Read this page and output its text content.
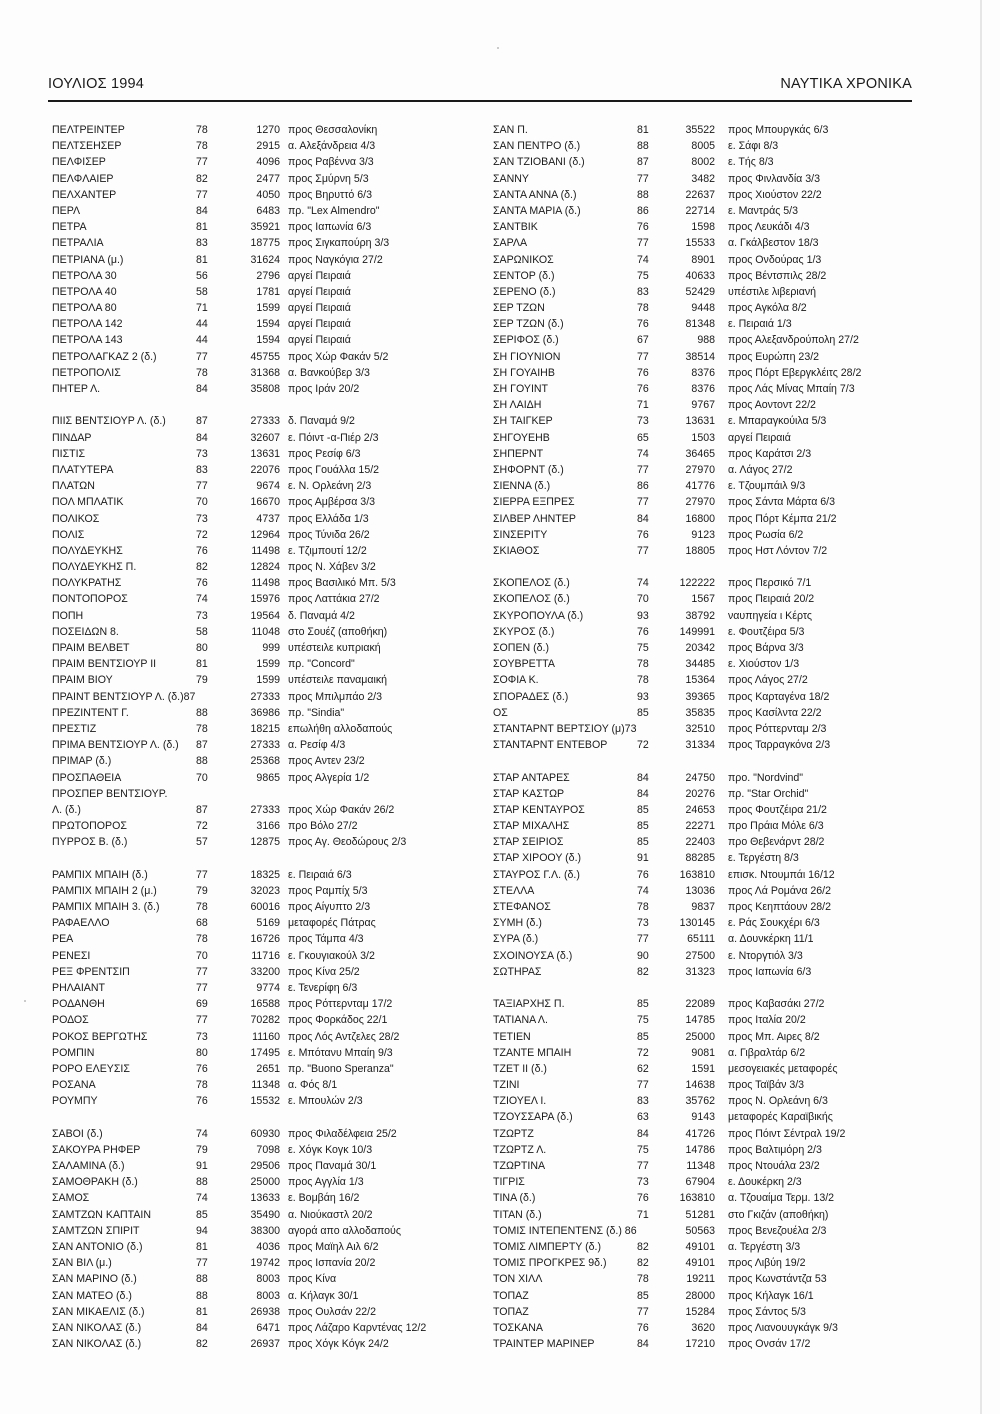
ΙΟΥΛΙΟΣ 1994	ΝΑΥΤΙΚΑ ΧΡΟΝΙΚΑ
ΠΕΛΤΡΕΙΝΤΕΡ	78	1270 προς Θεσσαλονίκη
ΠΕΛΤΣΕΗΣΕΡ	78	2915 α. Αλεξάνδρεια 4/3
ΠΕΛΦΙΣΕΡ	77	4096 προς Ραβέννα 3/3
ΠΕΛΦΛΑΙΕΡ	82	2477 προς Σμύρνη 5/3
ΠΕΛΧΑΝΤΕΡ	77	4050 προς Βηρυττό 6/3
ΠΕΡΛ	84	6483 πρ. "Lex Almendro"
ΠΕΤΡΑ	81	35921 προς Ιαπωνία 6/3
ΠΕΤΡΑΛΙΑ	83	18775 προς Σιγκαπούρη 3/3
ΠΕΤΡΙΑΝΑ (μ.)	81	31624 προς Ναγκόγια 27/2
ΠΕΤΡΟΛΑ 30	56	2796 αργεί Πειραιά
ΠΕΤΡΟΛΑ 40	58	1781 αργεί Πειραιά
ΠΕΤΡΟΛΑ 80	71	1599 αργεί Πειραιά
ΠΕΤΡΟΛΑ 142	44	1594 αργεί Πειραιά
ΠΕΤΡΟΛΑ 143	44	1594 αργεί Πειραιά
ΠΕΤΡΟΛΑΓΚΑΖ 2 (δ.)	77	45755 προς Χώρ Φακάν 5/2
ΠΕΤΡΟΠΟΛΙΣ	78	31368 α. Βανκούβερ 3/3
ΠΗΤΕΡ Λ.	84	35808 προς Ιράν 20/2
ΠΙΙΣ ΒΕΝΤΣΙΟΥΡ Λ. (δ.)	87	27333 δ. Παναμά 9/2
ΠΙΝΔΑΡ	84	32607 ε. Πόιντ -α-Πιέρ 2/3
ΠΙΣΤΙΣ	73	13631 προς Ρεσίφ 6/3
ΠΛΑΤΥΤΕΡΑ	83	22076 προς Γουάλλα 15/2
ΠΛΑΤΩΝ	77	9674 ε. Ν. Ορλεάνη 2/3
ΠΟΛ ΜΠΛΑΤΙΚ	70	16670 προς Αμβέρσα 3/3
ΠΟΛΙΚΟΣ	73	4737 προς Ελλάδα 1/3
ΠΟΛΙΣ	72	12964 προς Τύνιδα 26/2
ΠΟΛΥΔΕΥΚΗΣ	76	11498 ε. Τζιμπουτί 12/2
ΠΟΛΥΔΕΥΚΗΣ Π.	82	12824 προς Ν. Χάβεν 3/2
ΠΟΛΥΚΡΑΤΗΣ	76	11498 προς Βασιλικό Μπ. 5/3
ΠΟΝΤΟΠΟΡΟΣ	74	15976 προς Λαττάκια 27/2
ΠΟΠΗ	73	19564 δ. Παναμά 4/2
ΠΟΣΕΙΔΩΝ 8.	58	11048 στο Σουέζ (αποθήκη)
ΠΡΑΙΜ ΒΕΛΒΕΤ	80	999 υπέστειλε κυπριακή
ΠΡΑΙΜ ΒΕΝΤΣΙΟΥΡ ΙΙ	81	1599 πρ. "Concord"
ΠΡΑΙΜ ΒΙΟΥ	79	1599 υπέστειλε παναμαική
ΠΡΑΙΝΤ ΒΕΝΤΣΙΟΥΡ Λ. (δ.)87	27333 προς Μπιλμπάο 2/3
ΠΡΕΖΙΝΤΕΝΤ Γ.	88	36986 πρ. "Sindia"
ΠΡΕΣΤΙΖ	78	18215 επωλήθη αλλοδαπούς
ΠΡΙΜΑ ΒΕΝΤΣΙΟΥΡ Λ. (δ.) 87	27333 α. Ρεσίφ 4/3
ΠΡΙΜΑΡ (δ.)	88	25368 προς Αντεν 23/2
ΠΡΟΣΠΑΘΕΙΑ	70	9865 προς Αλγερία 1/2
ΠΡΟΣΠΕΡ ΒΕΝΤΣΙΟΥΡ.
Λ. (δ.)	87	27333 προς Χώρ Φακάν 26/2
ΠΡΩΤΟΠΟΡΟΣ	72	3166 προ Βόλο 27/2
ΠΥΡΡΟΣ Β. (δ.)	57	12875 προς Αγ. Θεοδώρους 2/3
ΡΑΜΠΙΧ ΜΠΑΙΗ (δ.)	77	18325 ε. Πειραιά 6/3
ΡΑΜΠΙΧ ΜΠΑΙΗ 2 (μ.)	79	32023 προς Ραμπίχ 5/3
ΡΑΜΠΙΧ ΜΠΑΙΗ 3. (δ.)	78	60016 προς Αίγυπτο 2/3
ΡΑΦΑΕΛΛΟ	68	5169 μεταφορές Πάτρας
ΡΕΑ	78	16726 προς Τάμπα 4/3
ΡΕΝΕΣΙ	70	11716 ε. Γκουγιακούλ 3/2
ΡΕΞ ΦΡΕΝΤΣΙΠ	77	33200 προς Κίνα 25/2
ΡΗΛΑΙΑΝΤ	77	9774 ε. Τενερίφη 6/3
ΡΟΔΑΝΘΗ	69	16588 προς Ρόττερνταμ 17/2
ΡΟΔΟΣ	77	70282 προς Φορκάδος 22/1
ΡΟΚΟΣ ΒΕΡΓΩΤΗΣ	73	11160 προς Λός Αντζελες 28/2
ΡΟΜΠΙΝ	80	17495 ε. Μπότανυ Μπαίη 9/3
ΡΟΡΟ ΕΛΕΥΣΙΣ	76	2651 πρ. "Buono Speranza"
ΡΟΣΑΝΑ	78	11348 α. Φός 8/1
ΡΟΥΜΠΥ	76	15532 ε. Μπουλών 2/3
ΣΑΒΟΙ (δ.)	74	60930 προς Φιλαδέλφεια 25/2
ΣΑΚΟΥΡΑ ΡΗΦΕΡ	79	7098 ε. Χόγκ Κογκ 10/3
ΣΑΛΑΜΙΝΑ (δ.)	91	29506 προς Παναμά 30/1
ΣΑΜΟΘΡΑΚΗ (δ.)	88	25000 προς Αγγλία 1/3
ΣΑΜΟΣ	74	13633 ε. Βομβάη 16/2
ΣΑΜΤΖΩΝ ΚΑΠΤΑΙΝ	85	35490 α. Νιούκαστλ 20/2
ΣΑΜΤΖΩΝ ΣΠΙΡΙΤ	94	38300 αγορά απο αλλοδαπούς
ΣΑΝ ΑΝΤΟΝΙΟ (δ.)	81	4036 προς Μαϊηλ Αιλ 6/2
ΣΑΝ ΒΙΛ (μ.)	77	19742 προς Ισπανία 20/2
ΣΑΝ ΜΑΡΙΝΟ (δ.)	88	8003 προς Κίνα
ΣΑΝ ΜΑΤΕΟ (δ.)	88	8003 α. Κήλαγκ 30/1
ΣΑΝ ΜΙΚΑΕΛΙΣ (δ.)	81	26938 προς Ουλσάν 22/2
ΣΑΝ ΝΙΚΟΛΑΣ (δ.)	84	6471 προς Λάζαρο Καρντένας 12/2
ΣΑΝ ΝΙΚΟΛΑΣ (δ.)	82	26937 προς Χόγκ Κόγκ 24/2
ΣΑΝ Π.	81	35522 προς Μπουργκάς 6/3
ΣΑΝ ΠΕΝΤΡΟ (δ.)	88	8005 ε. Σάφι 8/3
ΣΑΝ ΤΖΙΟΒΑΝΙ (δ.)	87	8002 ε. Τής 8/3
ΣΑΝΝΥ	77	3482 προς Φινλανδία 3/3
ΣΑΝΤΑ ΑΝΝΑ (δ.)	88	22637 προς Χιούστον 22/2
ΣΑΝΤΑ ΜΑΡΙΑ (δ.)	86	22714 ε. Μαντράς 5/3
ΣΑΝΤΒΙΚ	76	1598 προς Λευκάδι 4/3
ΣΑΡΛΑ	77	15533 α. Γκάλβεστον 18/3
ΣΑΡΩΝΙΚΟΣ	74	8901 προς Ονδούρας 1/3
ΣΕΝΤΟΡ (δ.)	75	40633 προς Βέντσπιλς 28/2
ΣΕΡΕΝΟ (δ.)	83	52429 υπέστιλε λιβεριανή
ΣΕΡ ΤΖΩΝ	78	9448 προς Αγκόλα 8/2
ΣΕΡ ΤΖΩΝ (δ.)	76	81348 ε. Πειραιά 1/3
ΣΕΡΙΦΟΣ (δ.)	67	988 προς Αλεξανδρούπολη 27/2
ΣΗ ΓΙΟΥΝΙΟΝ	77	38514 προς Ευρώπη 23/2
ΣΗ ΓΟΥΑΙΗΒ	76	8376 προς Πόρτ Εβεργκλέιτς 28/2
ΣΗ ΓΟΥΙΝΤ	76	8376 προς Λάς Μίνας Μπαίη 7/3
ΣΗ ΛΑΙΔΗ	71	9767 προς Αοντοντ 22/2
ΣΗ ΤΑΙΓΚΕΡ	73	13631 ε. Μπαραγκούιλα 5/3
ΣΗΓΟΥΕΗΒ	65	1503 αργεί Πειραιά
ΣΗΠΕΡΝΤ	74	36465 προς Καράτσι 2/3
ΣΗΦΟΡΝΤ (δ.)	77	27970 α. Λάγος 27/2
ΣΙΕΝΝΑ (δ.)	86	41776 ε. Τζουμπάιλ 9/3
ΣΙΕΡΡΑ ΕΞΠΡΕΣ	77	27970 προς Σάντα Μάρτα 6/3
ΣΙΛΒΕΡ ΛΗΝΤΕΡ	84	16800 προς Πόρτ Κέμπα 21/2
ΣΙΝΣΕΡΙΤΥ	76	9123 προς Ρωσία 6/2
ΣΚΙΑΘΟΣ	77	18805 προς Ηστ Λόντον 7/2
ΣΚΟΠΕΛΟΣ (δ.)	74	122222 προς Περσικό 7/1
ΣΚΟΠΕΛΟΣ (δ.)	70	1567 προς Πειραιά 20/2
ΣΚΥΡΟΠΟΥΛΑ (δ.)	93	38792 ναυπηγεία ι Κέρτς
ΣΚΥΡΟΣ (δ.)	76	149991 ε. Φουτζέιρα 5/3
ΣΟΠΕΝ (δ.)	75	20342 προς Βάρνα 3/3
ΣΟΥΒΡΕΤΤΑ	78	34485 ε. Χιούστον 1/3
ΣΟΦΙΑ Κ.	78	15364 προς Λάγος 27/2
ΣΠΟΡΑΔΕΣ (δ.)	93	39365 προς Καρταγένα 18/2
ΟΣ	85	35835 προς Κασίλντα 22/2
ΣΤΑΝΤΑΡΝΤ ΒΕΡΤΣΙΟΥ (μ)73	32510 προς Ρόττερνταμ 2/3
ΣΤΑΝΤΑΡΝΤ ΕΝΤΕΒΟΡ	72	31334 προς Ταρραγκόνα 2/3
ΣΤΑΡ ΑΝΤΑΡΕΣ	84	24750 προ. "Nordvind"
ΣΤΑΡ ΚΑΣΤΩΡ	84	20276 πρ. "Star Orchid"
ΣΤΑΡ ΚΕΝΤΑΥΡΟΣ	85	24653 προς Φουτζέιρα 21/2
ΣΤΑΡ ΜΙΧΑΛΗΣ	85	22271 προ Πράια Μόλε 6/3
ΣΤΑΡ ΣΕΙΡΙΟΣ	85	22403 προ Θεβενάρντ 28/2
ΣΤΑΡ ΧΙΡΟΟΥ (δ.)	91	88285 ε. Τεργέστη 8/3
ΣΤΑΥΡΟΣ Γ.Λ. (δ.)	76	163810 επισκ. Ντουμπάι 16/12
ΣΤΕΛΛΑ	74	13036 προς Λά Ρομάνα 26/2
ΣΤΕΦΑΝΟΣ	78	9837 προς Κεηπτάουν 28/2
ΣΥΜΗ (δ.)	73	130145 ε. Ράς Σουκχέρι 6/3
ΣΥΡΑ (δ.)	77	65111 α. Δουνκέρκη 11/1
ΣΧΟΙΝΟΥΣΑ (δ.)	90	27500 ε. Ντοργτιόλ 3/3
ΣΩΤΗΡΑΣ	82	31323 προς Ιαπωνία 6/3
ΤΑΞΙΑΡΧΗΣ Π.	85	22089 προς Καβασάκι 27/2
ΤΑΤΙΑΝΑ Λ.	75	14785 προς Ιταλία 20/2
ΤΕΤΙΕΝ	85	25000 προς Μπ. Αιρες 8/2
ΤΖΑΝΤΕ ΜΠΑΙΗ	72	9081 α. Γιβραλτάρ 6/2
ΤΖΕΤ ΙΙ (δ.)	62	1591 μεσογειακές μεταφορές
ΤΖΙΝΙ	77	14638 προς Ταϊβάν 3/3
ΤΖΙΟΥΕΛ Ι.	83	35762 προς Ν. Ορλεάνη 6/3
ΤΖΟΥΣΣΑΡΑ (δ.)	63	9143 μεταφορές Καραϊβικής
ΤΖΩΡΤΖ	84	41726 προς Πόιντ Σέντραλ 19/2
ΤΖΩΡΤΖ Λ.	75	14786 προς Βαλτιμόρη 2/3
ΤΖΩΡΤΙΝΑ	77	11348 προς Ντουάλα 23/2
ΤΙΓΡΙΣ	73	67904 ε. Δουκέρκη 2/3
ΤΙΝΑ (δ.)	76	163810 α. Τζουαίμα Τερμ. 13/2
ΤΙΤΑΝ (δ.)	71	51281 στο Γκιζάν (αποθήκη)
ΤΟΜΙΣ ΙΝΤΕΠΕΝΤΕΝΣ (δ.) 86	50563 προς Βενεζουέλα 2/3
ΤΟΜΙΣ ΛΙΜΠΕΡΤΥ (δ.)	82	49101 α. Τεργέστη 3/3
ΤΟΜΙΣ ΠΡΟΓΚΡΕΣ 9δ.)	82	49101 προς Λιβύη 19/2
ΤΟΝ ΧΙΛΛ	78	19211 προς Κωνστάντζα 53
ΤΟΠΑΖ	85	28000 προς Κήλαγκ 16/1
ΤΟΠΑΖ	77	15284 προς Σάντος 5/3
ΤΟΣΚΑΝΑ	76	3620 προς Λιανουυγκάγκ 9/3
ΤΡΑΙΝΤΕΡ ΜΑΡΙΝΕΡ	84	17210 προς Ονσάν 17/2
